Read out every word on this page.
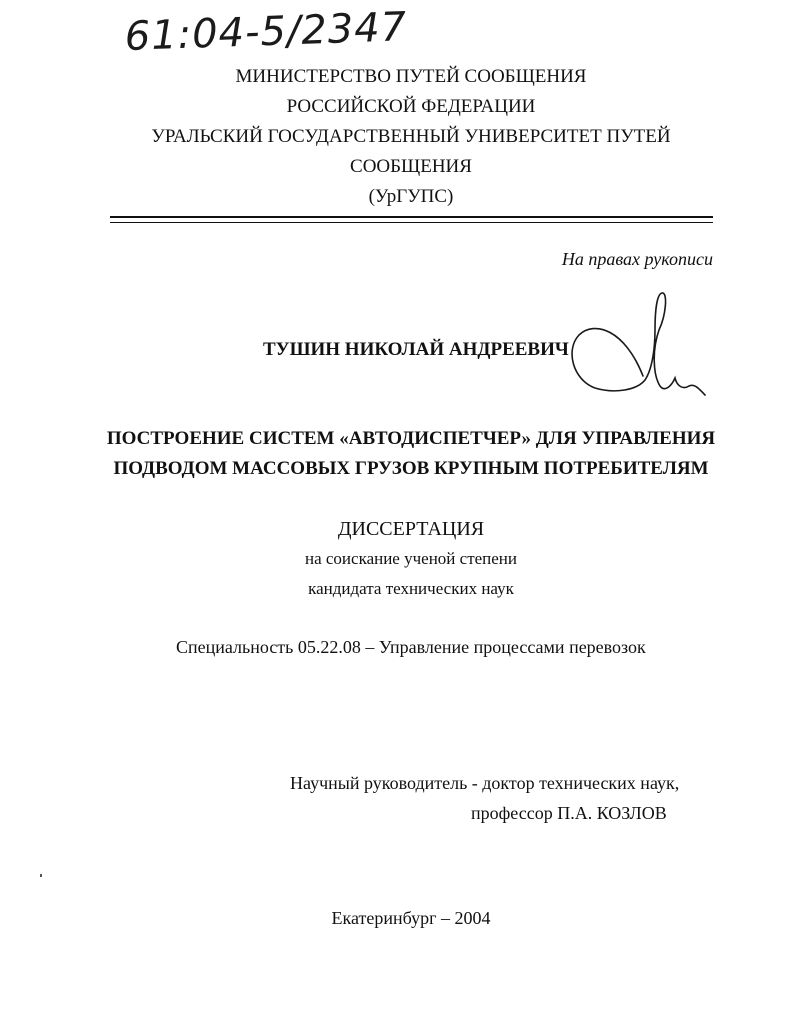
61:04-5/2347
МИНИСТЕРСТВО ПУТЕЙ СООБЩЕНИЯ
РОССИЙСКОЙ ФЕДЕРАЦИИ
УРАЛЬСКИЙ ГОСУДАРСТВЕННЫЙ УНИВЕРСИТЕТ ПУТЕЙ
СООБЩЕНИЯ
(УрГУПС)
На правах рукописи
ТУШИН НИКОЛАЙ АНДРЕЕВИЧ
ПОСТРОЕНИЕ СИСТЕМ «АВТОДИСПЕТЧЕР» ДЛЯ УПРАВЛЕНИЯ
ПОДВОДОМ МАССОВЫХ ГРУЗОВ КРУПНЫМ ПОТРЕБИТЕЛЯМ
ДИССЕРТАЦИЯ
на соискание ученой степени
кандидата технических наук
Специальность 05.22.08 – Управление процессами перевозок
Научный руководитель - доктор технических наук,
профессор П.А. КОЗЛОВ
Екатеринбург – 2004
